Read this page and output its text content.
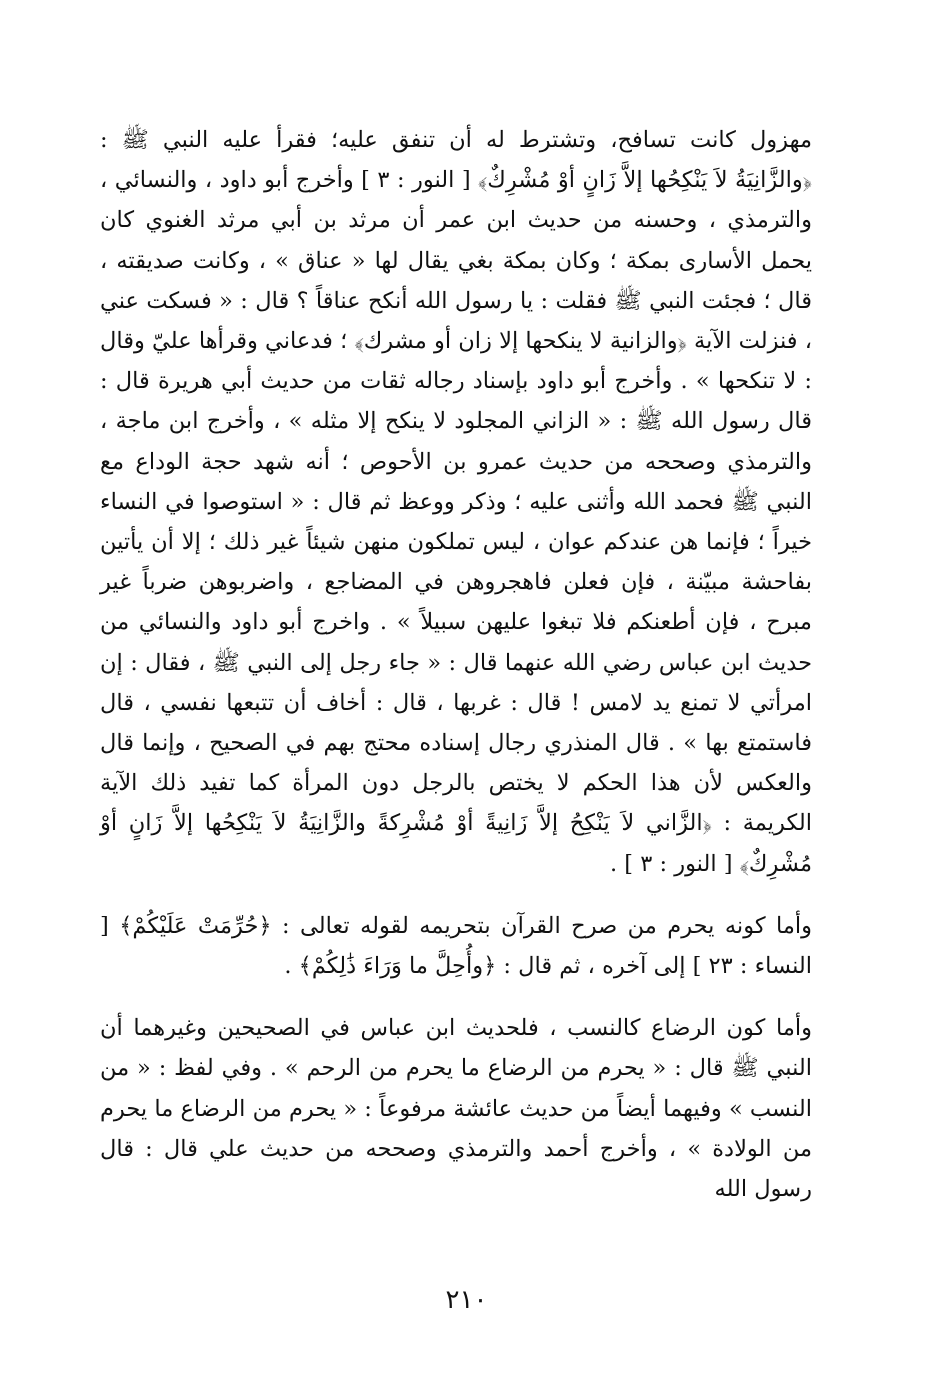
مهزول كانت تسافح، وتشترط له أن تنفق عليه؛ فقرأ عليه النبي ﷺ : ﴿والزَّانِيَةُ لاَ يَنْكِحُها إلاَّ زَانٍ أوْ مُشْرِكٌ﴾ [ النور : ٣ ] وأخرج أبو داود ، والنسائي ، والترمذي ، وحسنه من حديث ابن عمر أن مرثد بن أبي مرثد الغنوي كان يحمل الأسارى بمكة ؛ وكان بمكة بغي يقال لها « عناق » ، وكانت صديقته ، قال ؛ فجئت النبي ﷺ فقلت : يا رسول الله أنكح عناقاً ؟ قال : « فسكت عني ، فنزلت الآية ﴿والزانية لا ينكحها إلا زان أو مشرك﴾ ؛ فدعاني وقرأها عليّ وقال : لا تنكحها » . وأخرج أبو داود بإسناد رجاله ثقات من حديث أبي هريرة قال : قال رسول الله ﷺ : « الزاني المجلود لا ينكح إلا مثله » ، وأخرج ابن ماجة ، والترمذي وصححه من حديث عمرو بن الأحوص ؛ أنه شهد حجة الوداع مع النبي ﷺ فحمد الله وأثنى عليه ؛ وذكر ووعظ ثم قال : « استوصوا في النساء خيراً ؛ فإنما هن عندكم عوان ، ليس تملكون منهن شيئاً غير ذلك ؛ إلا أن يأتين بفاحشة مبيّنة ، فإن فعلن فاهجروهن في المضاجع ، واضربوهن ضرباً غير مبرح ، فإن أطعنكم فلا تبغوا عليهن سبيلاً » . واخرج أبو داود والنسائي من حديث ابن عباس رضي الله عنهما قال : « جاء رجل إلى النبي ﷺ ، فقال : إن امرأتي لا تمنع يد لامس ! قال : غربها ، قال : أخاف أن تتبعها نفسي ، قال فاستمتع بها » . قال المنذري رجال إسناده محتج بهم في الصحيح ، وإنما قال والعكس لأن هذا الحكم لا يختص بالرجل دون المرأة كما تفيد ذلك الآية الكريمة : ﴿الزَّاني لاَ يَنْكِحُ إلاَّ زَانِيةً أوْ مُشْرِكةً والزَّانِيَةُ لاَ يَنْكِحُها إلاَّ زَانٍ أوْ مُشْرِكٌ﴾ [ النور : ٣ ] .

وأما كونه يحرم من صرح القرآن بتحريمه لقوله تعالى : ﴿حُرِّمَتْ عَلَيْكُمْ﴾ [ النساء : ٢٣ ] إلى آخره ، ثم قال : ﴿وأُحِلَّ ما وَرَاءَ ذَٰلِكُمْ﴾ .

وأما كون الرضاع كالنسب ، فلحديث ابن عباس في الصحيحين وغيرهما أن النبي ﷺ قال : « يحرم من الرضاع ما يحرم من الرحم » . وفي لفظ : « من النسب » وفيهما أيضاً من حديث عائشة مرفوعاً : « يحرم من الرضاع ما يحرم من الولادة » ، وأخرج أحمد والترمذي وصححه من حديث علي قال : قال رسول الله

٢١٠
